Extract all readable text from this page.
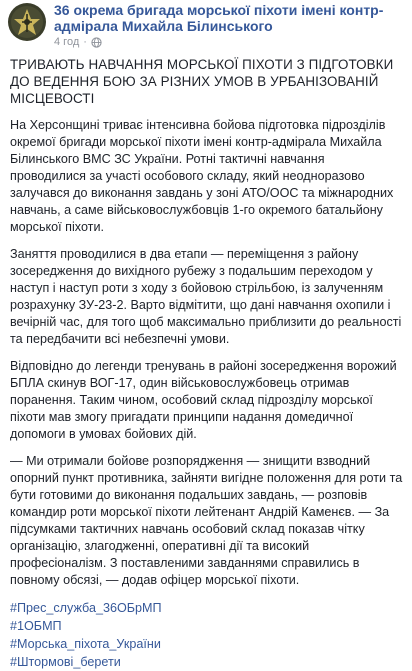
36 окрема бригада морської піхоти імені контр-адмірала Михайла Білинського
4 год ·
ТРИВАЮТЬ НАВЧАННЯ МОРСЬКОЇ ПІХОТИ З ПІДГОТОВКИ ДО ВЕДЕННЯ БОЮ ЗА РІЗНИХ УМОВ В УРБАНІЗОВАНІЙ МІСЦЕВОСТІ
На Херсонщині триває інтенсивна бойова підготовка підрозділів окремої бригади морської піхоти імені контр-адмірала Михайла Білинського ВМС ЗС України. Ротні тактичні навчання проводилися за участі особового складу, який неодноразово залучався до виконання завдань у зоні АТО/ООС та міжнародних навчань, а саме військовослужбовців 1-го окремого батальйону морської піхоти.
Заняття проводилися в два етапи — переміщення з району зосередження до вихідного рубежу з подальшим переходом у наступ і наступ роти з ходу з бойовою стрільбою, із залученням розрахунку ЗУ-23-2. Варто відмітити, що дані навчання охопили і вечірній час, для того щоб максимально приблизити до реальності та передбачити всі небезпечні умови.
Відповідно до легенди тренувань в районі зосередження ворожий БПЛА скинув ВОГ-17, один військовослужбовець отримав поранення. Таким чином, особовий склад підрозділу морської піхоти мав змогу пригадати принципи надання домедичної допомоги в умовах бойових дій.
— Ми отримали бойове розпорядження — знищити взводний опорний пункт противника, зайняти вигідне положення для роти та бути готовими до виконання подальших завдань, — розповів командир роти морської піхоти лейтенант Андрій Каменєв. — За підсумками тактичних навчань особовий склад показав чітку організацію, злагодженні, оперативні дії та високий професіоналізм. З поставленими завданнями справились в повному обсязі, — додав офіцер морської піхоти.
#Прес_служба_36ОБрМП
#1ОБМП
#Морська_піхота_України
#Штормові_берети
